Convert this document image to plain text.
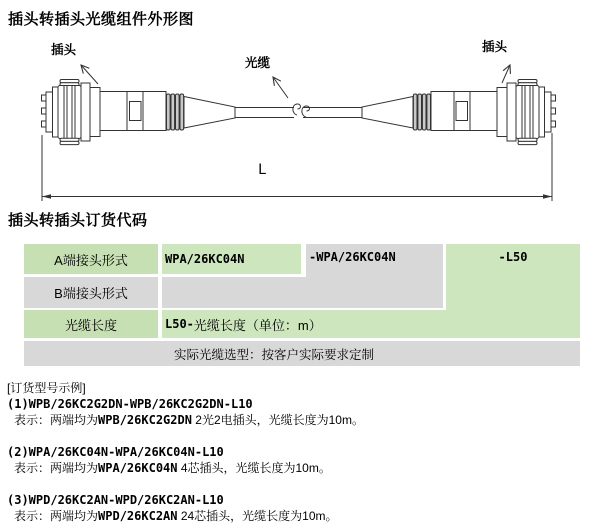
插头转插头光缆组件外形图
插头
光缆
插头
L
插头转插头订货代码
A端接头形式	WPA/26KC04N	-WPA/26KC04N	-L50
B端接头形式
光缆长度	L50- 光缆长度（单位：m）
实际光缆选型：按客户实际要求定制
[订货型号示例]
(1)WPB/26KC2G2DN-WPB/26KC2G2DN-L10
表示：两端均为WPB/26KC2G2DN 2光2电插头，光缆长度为10m。
(2)WPA/26KC04N-WPA/26KC04N-L10
表示：两端均为WPA/26KC04N 4芯插头，光缆长度为10m。
(3)WPD/26KC2AN-WPD/26KC2AN-L10
表示：两端均为WPD/26KC2AN 24芯插头，光缆长度为10m。
